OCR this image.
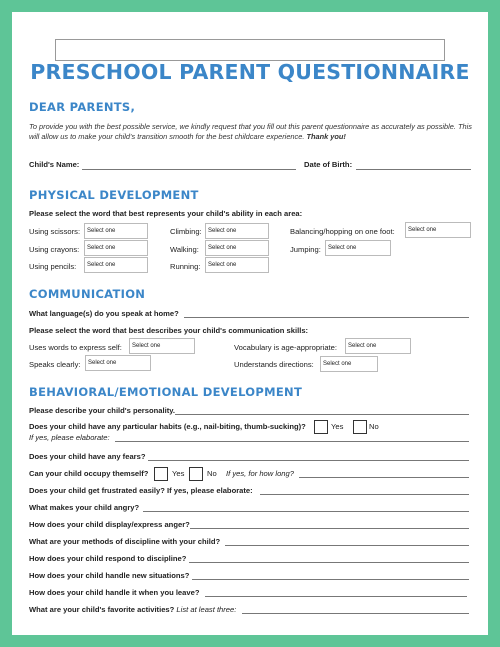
PRESCHOOL PARENT QUESTIONNAIRE
DEAR PARENTS,
To provide you with the best possible service, we kindly request that you fill out this parent questionnaire as accurately as possible. This will allow us to make your child's transition smooth for the best childcare experience. Thank you!
Child's Name:	Date of Birth:
PHYSICAL DEVELOPMENT
Please select the word that best represents your child's ability in each area:
Using scissors:	Select one
Using crayons:	Select one
Using pencils:	Select one
Climbing:	Select one
Walking:	Select one
Running:	Select one
Balancing/hopping on one foot:	Select one
Jumping:	Select one
COMMUNICATION
What language(s) do you speak at home?
Please select the word that best describes your child's communication skills:
Uses words to express self:	Select one
Speaks clearly:	Select one
Vocabulary is age-appropriate:	Select one
Understands directions:	Select one
BEHAVIORAL/EMOTIONAL DEVELOPMENT
Please describe your child's personality.
Does your child have any particular habits (e.g., nail-biting, thumb-sucking)?	Yes	No
If yes, please elaborate:
Does your child have any fears?
Can your child occupy themself?	Yes	No If yes, for how long?
Does your child get frustrated easily? If yes, please elaborate:
What makes your child angry?
How does your child display/express anger?
What are your methods of discipline with your child?
How does your child respond to discipline?
How does your child handle new situations?
How does your child handle it when you leave?
What are your child's favorite activities? List at least three:
